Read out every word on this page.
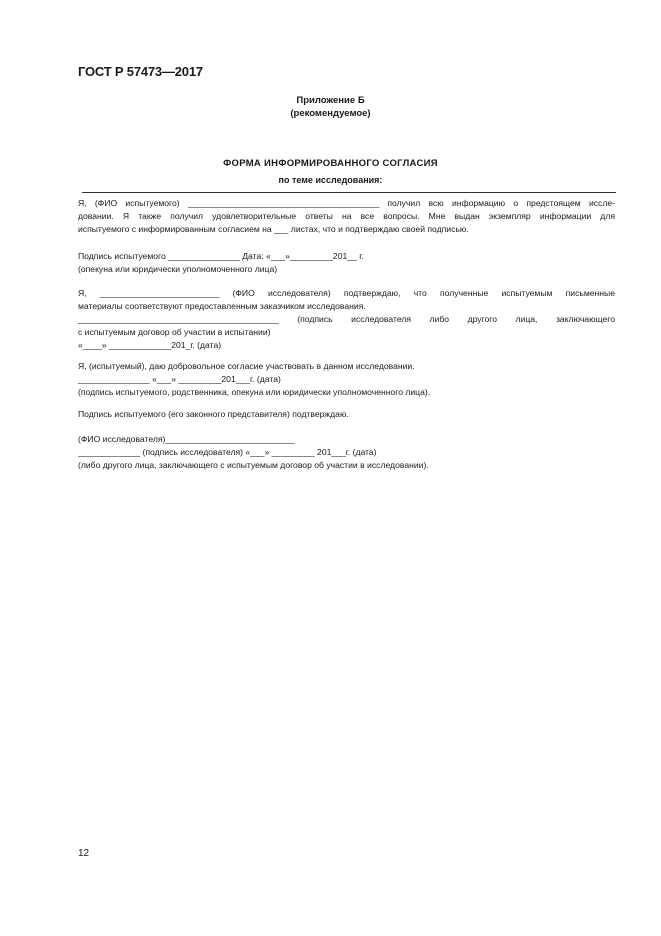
ГОСТ Р 57473—2017
Приложение Б
(рекомендуемое)
ФОРМА ИНФОРМИРОВАННОГО СОГЛАСИЯ
по теме исследования:
Я, (ФИО испытуемого) ________________________________________ получил всю информацию о предстоящем иссле-
довании. Я также получил удовлетворительные ответы на все вопросы. Мне выдан экземпляр информации для
испытуемого с информированным согласием на ___ листах, что и подтверждаю своей подписью.
Подпись испытуемого _______________ Дата: «___»_________201__ г.
(опекуна или юридически уполномоченного лица)
Я, _________________________ (ФИО исследователя) подтверждаю, что полученные испытуемым письменные
материалы соответствуют предоставленным заказчиком исследования.
__________________________________________ (подпись исследователя либо другого лица, заключающего
с испытуемым договор об участии в испытании)
«____» _____________201_г. (дата)
Я, (испытуемый), даю добровольное согласие участвовать в данном исследовании.
_______________ «___» _________201___г. (дата)
(подпись испытуемого, родственника, опекуна или юридически уполномоченного лица).
Подпись испытуемого (его законного представителя) подтверждаю.
(ФИО исследователя)___________________________
_____________ (подпись исследователя) «___» _________ 201___г. (дата)
(либо другого лица, заключающего с испытуемым договор об участии в исследовании).
12
